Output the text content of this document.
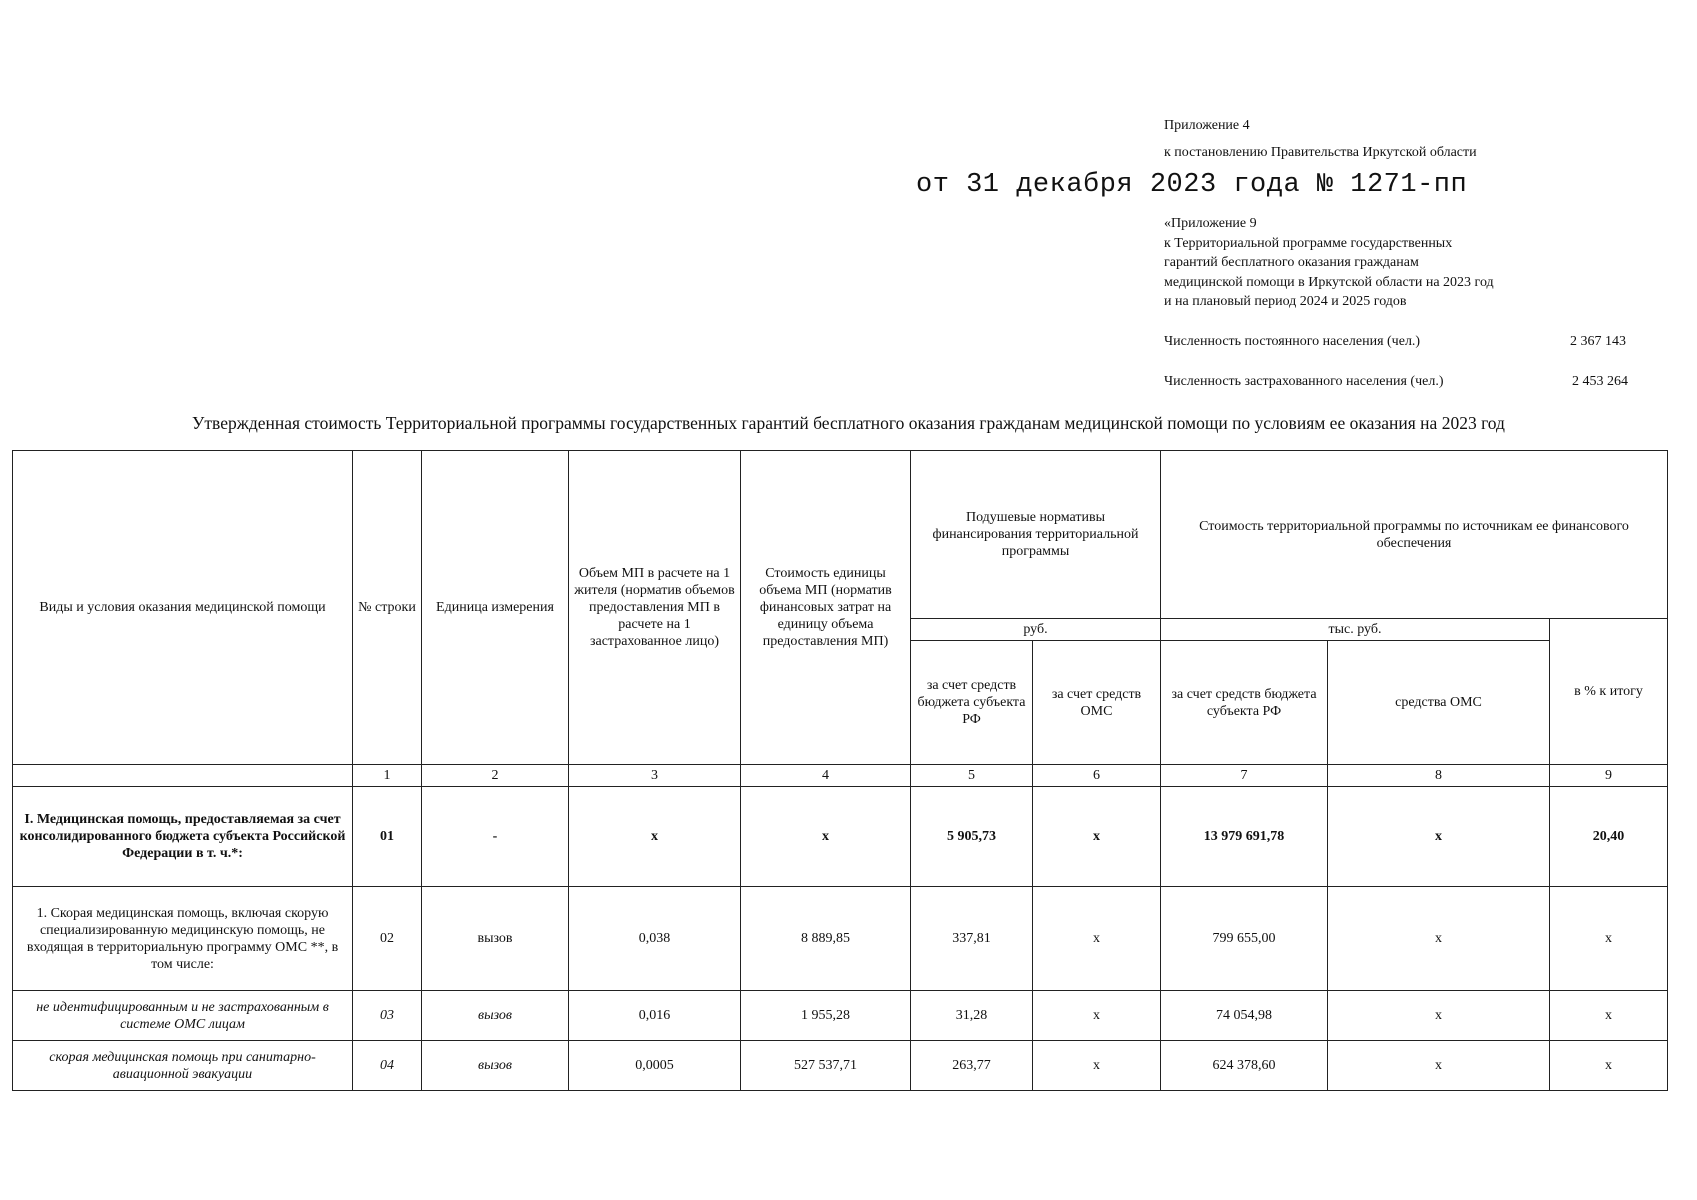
Приложение 4
к постановлению Правительства Иркутской области
от 31 декабря 2023 года № 1271-пп
«Приложение 9
к Территориальной программе государственных
гарантий бесплатного оказания гражданам
медицинской помощи в Иркутской области на 2023 год
и на плановый период 2024 и 2025 годов
Численность постоянного населения (чел.)	2 367 143
Численность застрахованного населения (чел.)	2 453 264
Утвержденная стоимость Территориальной программы государственных гарантий бесплатного оказания гражданам медицинской помощи по условиям ее оказания на 2023 год
Виды и условия оказания медицинской помощи	№ строки	Единица измерения	Объем МП в расчете на 1 жителя (норматив объемов предоставления МП в расчете на 1 застрахованное лицо)	Стоимость единицы объема МП (норматив финансовых затрат на единицу объема предоставления МП)	Подушевые нормативы финансирования территориальной программы		Стоимость территориальной программы по источникам ее финансового обеспечения		
					руб.		тыс. руб.		в % к итогу
					за счет средств бюджета субъекта РФ	за счет средств ОМС	за счет средств бюджета субъекта РФ	средства ОМС	
	1	2	3	4	5	6	7	8	9
I. Медицинская помощь, предоставляемая за счет консолидированного бюджета субъекта Российской Федерации в т. ч.*:	01	-	х	х	5 905,73	х	13 979 691,78	х	20,40
1. Скорая медицинская помощь, включая скорую специализированную медицинскую помощь, не входящая в территориальную программу ОМС **, в том числе:	02	вызов	0,038	8 889,85	337,81	х	799 655,00	х	х
не идентифицированным и не застрахованным в системе ОМС лицам	03	вызов	0,016	1 955,28	31,28	х	74 054,98	х	х
скорая медицинская помощь при санитарно-авиационной эвакуации	04	вызов	0,0005	527 537,71	263,77	х	624 378,60	х	х
